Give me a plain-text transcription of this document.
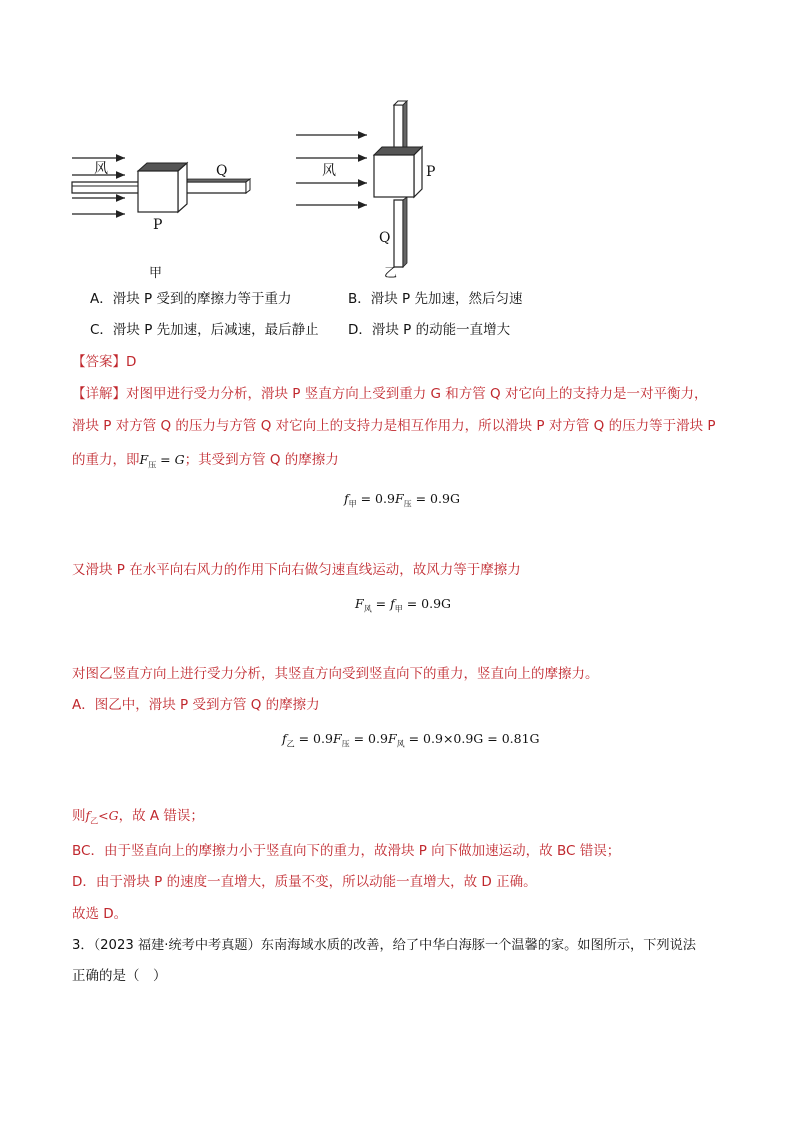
风	Q
P
甲
风	P
Q
乙
A．滑块 P 受到的摩擦力等于重力	B．滑块 P 先加速，然后匀速
C．滑块 P 先加速，后减速，最后静止 D．滑块 P 的动能一直增大
【答案】D
【详解】对图甲进行受力分析，滑块 P 竖直方向上受到重力 G 和方管 Q 对它向上的支持力是一对平衡力，
滑块 P 对方管 Q 的压力与方管 Q 对它向上的支持力是相互作用力，所以滑块 P 对方管 Q 的压力等于滑块 P
的重力，即$F_压 = G$；其受到方管 Q 的摩擦力
$f_甲 = 0.9F_压 = 0.9G$
又滑块 P 在水平向右风力的作用下向右做匀速直线运动，故风力等于摩擦力
$F_风 = f_甲 = 0.9G$
对图乙竖直方向上进行受力分析，其竖直方向受到竖直向下的重力，竖直向上的摩擦力。
A．图乙中，滑块 P 受到方管 Q 的摩擦力
$f_乙 = 0.9F_压 = 0.9F_风 = 0.9\times 0.9G = 0.81G$
则$f_乙<G$，故 A 错误；
BC．由于竖直向上的摩擦力小于竖直向下的重力，故滑块 P 向下做加速运动，故 BC 错误；
D．由于滑块 P 的速度一直增大，质量不变，所以动能一直增大，故 D 正确。
故选 D。
3．（2023 福建·统考中考真题）东南海域水质的改善，给了中华白海豚一个温馨的家。如图所示，下列说法
正确的是（　）
